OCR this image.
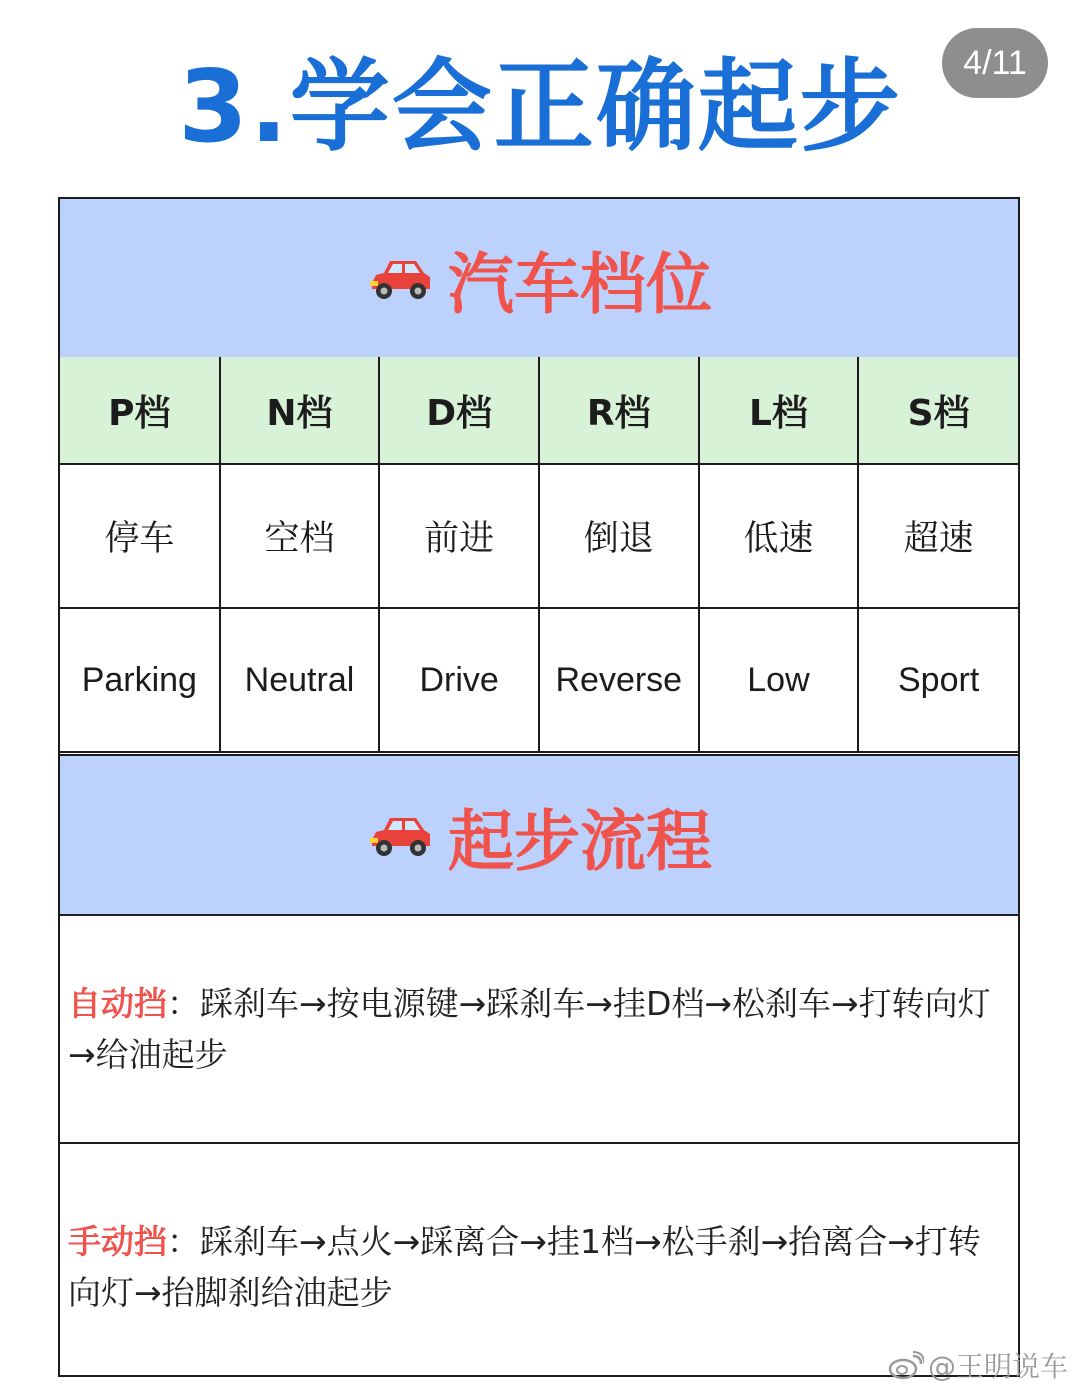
4/11
3.学会正确起步
汽车档位
P档	N档	D档	R档	L档	S档
停车	空档	前进	倒退	低速	超速
Parking	Neutral	Drive	Reverse	Low	Sport
起步流程
自动挡：踩刹车→按电源键→踩刹车→挂D档→松刹车→打转向灯→给油起步
手动挡：踩刹车→点火→踩离合→挂1档→松手刹→抬离合→打转向灯→抬脚刹给油起步
@王明说车
